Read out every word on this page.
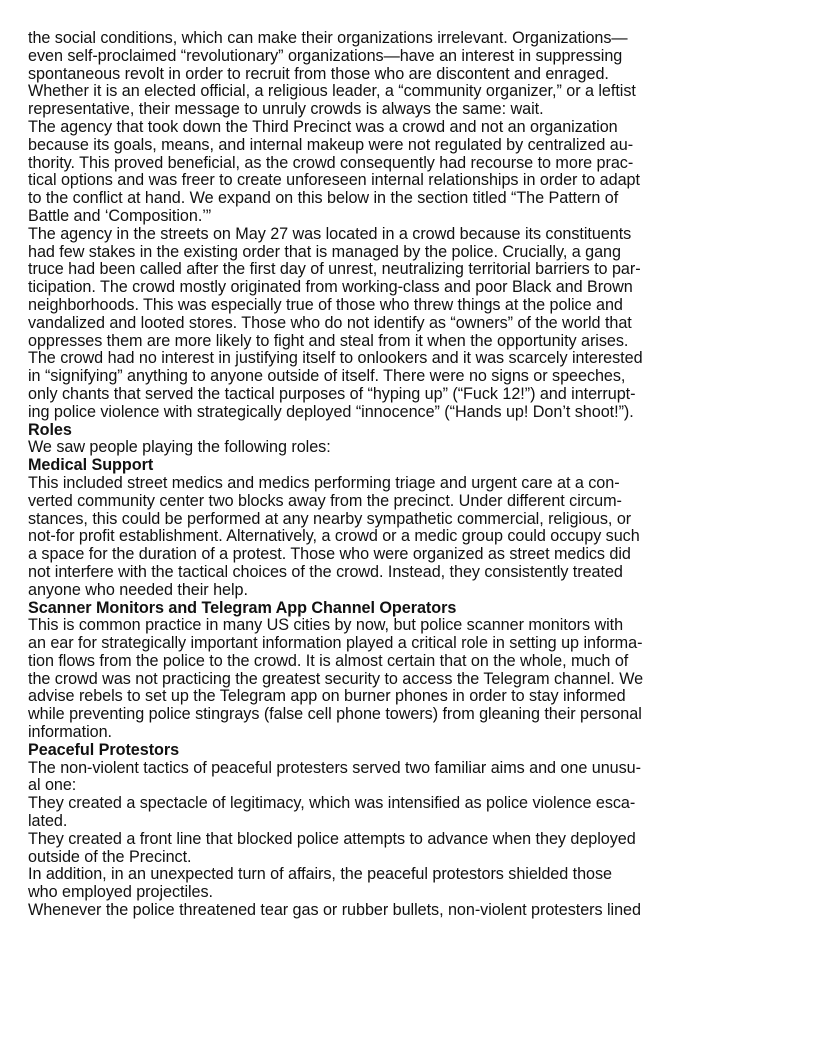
the social conditions, which can make their organizations irrelevant. Organizations—
even self-proclaimed “revolutionary” organizations—have an interest in suppressing
spontaneous revolt in order to recruit from those who are discontent and enraged.
Whether it is an elected official, a religious leader, a “community organizer,” or a leftist
representative, their message to unruly crowds is always the same: wait.
The agency that took down the Third Precinct was a crowd and not an organization
because its goals, means, and internal makeup were not regulated by centralized au-
thority. This proved beneficial, as the crowd consequently had recourse to more prac-
tical options and was freer to create unforeseen internal relationships in order to adapt
to the conflict at hand. We expand on this below in the section titled “The Pattern of
Battle and ‘Composition.’”
The agency in the streets on May 27 was located in a crowd because its constituents
had few stakes in the existing order that is managed by the police. Crucially, a gang
truce had been called after the first day of unrest, neutralizing territorial barriers to par-
ticipation. The crowd mostly originated from working-class and poor Black and Brown
neighborhoods. This was especially true of those who threw things at the police and
vandalized and looted stores. Those who do not identify as “owners” of the world that
oppresses them are more likely to fight and steal from it when the opportunity arises.
The crowd had no interest in justifying itself to onlookers and it was scarcely interested
in “signifying” anything to anyone outside of itself. There were no signs or speeches,
only chants that served the tactical purposes of “hyping up” (“Fuck 12!”) and interrupt-
ing police violence with strategically deployed “innocence” (“Hands up! Don’t shoot!”).
Roles
We saw people playing the following roles:
Medical Support
This included street medics and medics performing triage and urgent care at a con-
verted community center two blocks away from the precinct. Under different circum-
stances, this could be performed at any nearby sympathetic commercial, religious, or
not-for profit establishment. Alternatively, a crowd or a medic group could occupy such
a space for the duration of a protest. Those who were organized as street medics did
not interfere with the tactical choices of the crowd. Instead, they consistently treated
anyone who needed their help.
Scanner Monitors and Telegram App Channel Operators
This is common practice in many US cities by now, but police scanner monitors with
an ear for strategically important information played a critical role in setting up informa-
tion flows from the police to the crowd. It is almost certain that on the whole, much of
the crowd was not practicing the greatest security to access the Telegram channel. We
advise rebels to set up the Telegram app on burner phones in order to stay informed
while preventing police stingrays (false cell phone towers) from gleaning their personal
information.
Peaceful Protestors
The non-violent tactics of peaceful protesters served two familiar aims and one unusu-
al one:
They created a spectacle of legitimacy, which was intensified as police violence esca-
lated.
They created a front line that blocked police attempts to advance when they deployed
outside of the Precinct.
In addition, in an unexpected turn of affairs, the peaceful protestors shielded those
who employed projectiles.
Whenever the police threatened tear gas or rubber bullets, non-violent protesters lined
